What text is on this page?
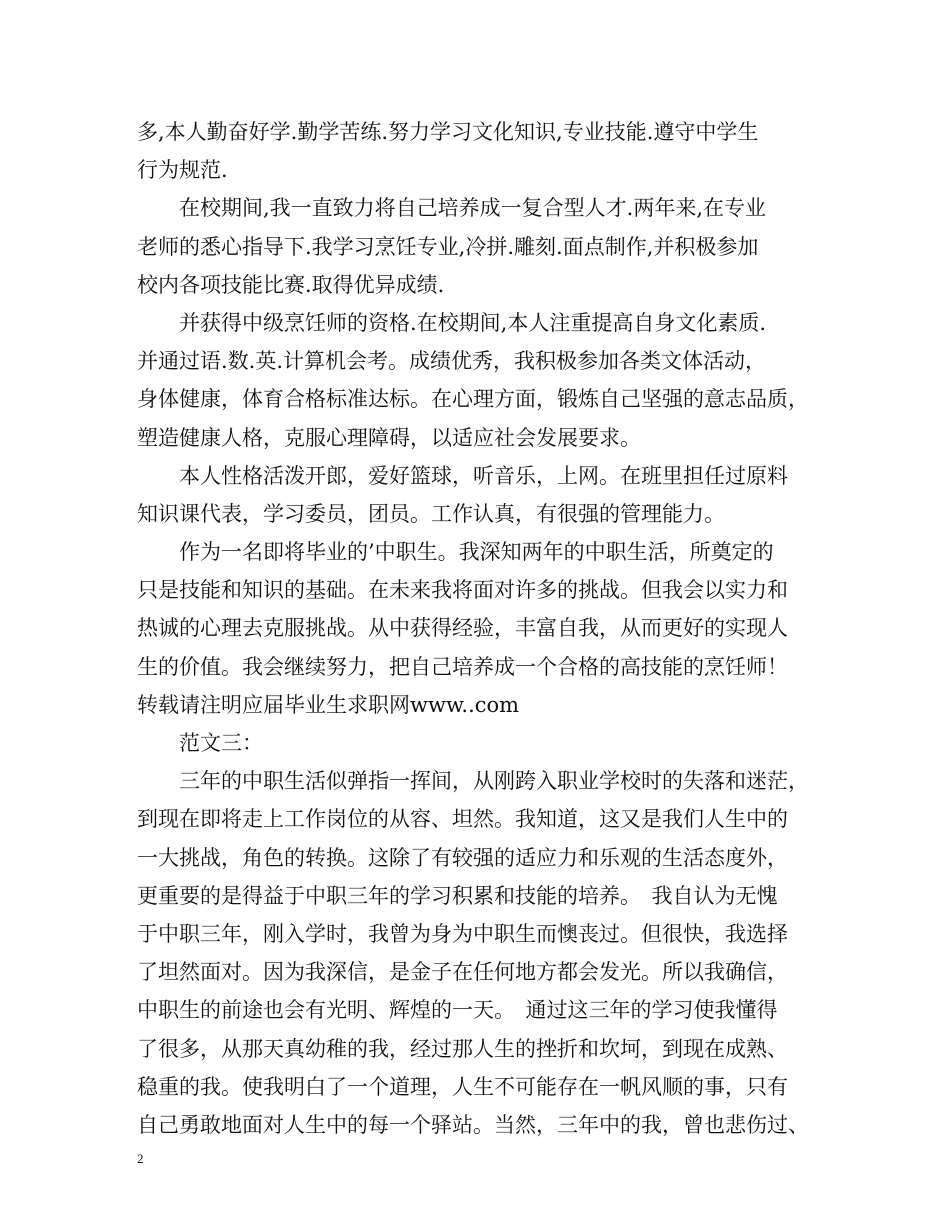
多,本人勤奋好学.勤学苦练.努力学习文化知识,专业技能.遵守中学生
行为规范.
　　在校期间,我一直致力将自己培养成一复合型人才.两年来,在专业
老师的悉心指导下.我学习烹饪专业,冷拼.雕刻.面点制作,并积极参加
校内各项技能比赛.取得优异成绩.
　　并获得中级烹饪师的资格.在校期间,本人注重提高自身文化素质.
并通过语.数.英.计算机会考。成绩优秀，我积极参加各类文体活动，
身体健康，体育合格标准达标。在心理方面，锻炼自己坚强的意志品质，
塑造健康人格，克服心理障碍，以适应社会发展要求。
　　本人性格活泼开郎，爱好篮球，听音乐，上网。在班里担任过原料
知识课代表，学习委员，团员。工作认真，有很强的管理能力。
　　作为一名即将毕业的’中职生。我深知两年的中职生活，所奠定的
只是技能和知识的基础。在未来我将面对许多的挑战。但我会以实力和
热诚的心理去克服挑战。从中获得经验，丰富自我，从而更好的实现人
生的价值。我会继续努力，把自己培养成一个合格的高技能的烹饪师！
转载请注明应届毕业生求职网www..com
　　范文三：
　　三年的中职生活似弹指一挥间，从刚跨入职业学校时的失落和迷茫，
到现在即将走上工作岗位的从容、坦然。我知道，这又是我们人生中的
一大挑战，角色的转换。这除了有较强的适应力和乐观的生活态度外，
更重要的是得益于中职三年的学习积累和技能的培养。　我自认为无愧
于中职三年，刚入学时，我曾为身为中职生而懊丧过。但很快，我选择
了坦然面对。因为我深信，是金子在任何地方都会发光。所以我确信，
中职生的前途也会有光明、辉煌的一天。　通过这三年的学习使我懂得
了很多，从那天真幼稚的我，经过那人生的挫折和坎坷，到现在成熟、
稳重的我。使我明白了一个道理，人生不可能存在一帆风顺的事，只有
自己勇敢地面对人生中的每一个驿站。当然，三年中的我，曾也悲伤过、
2
